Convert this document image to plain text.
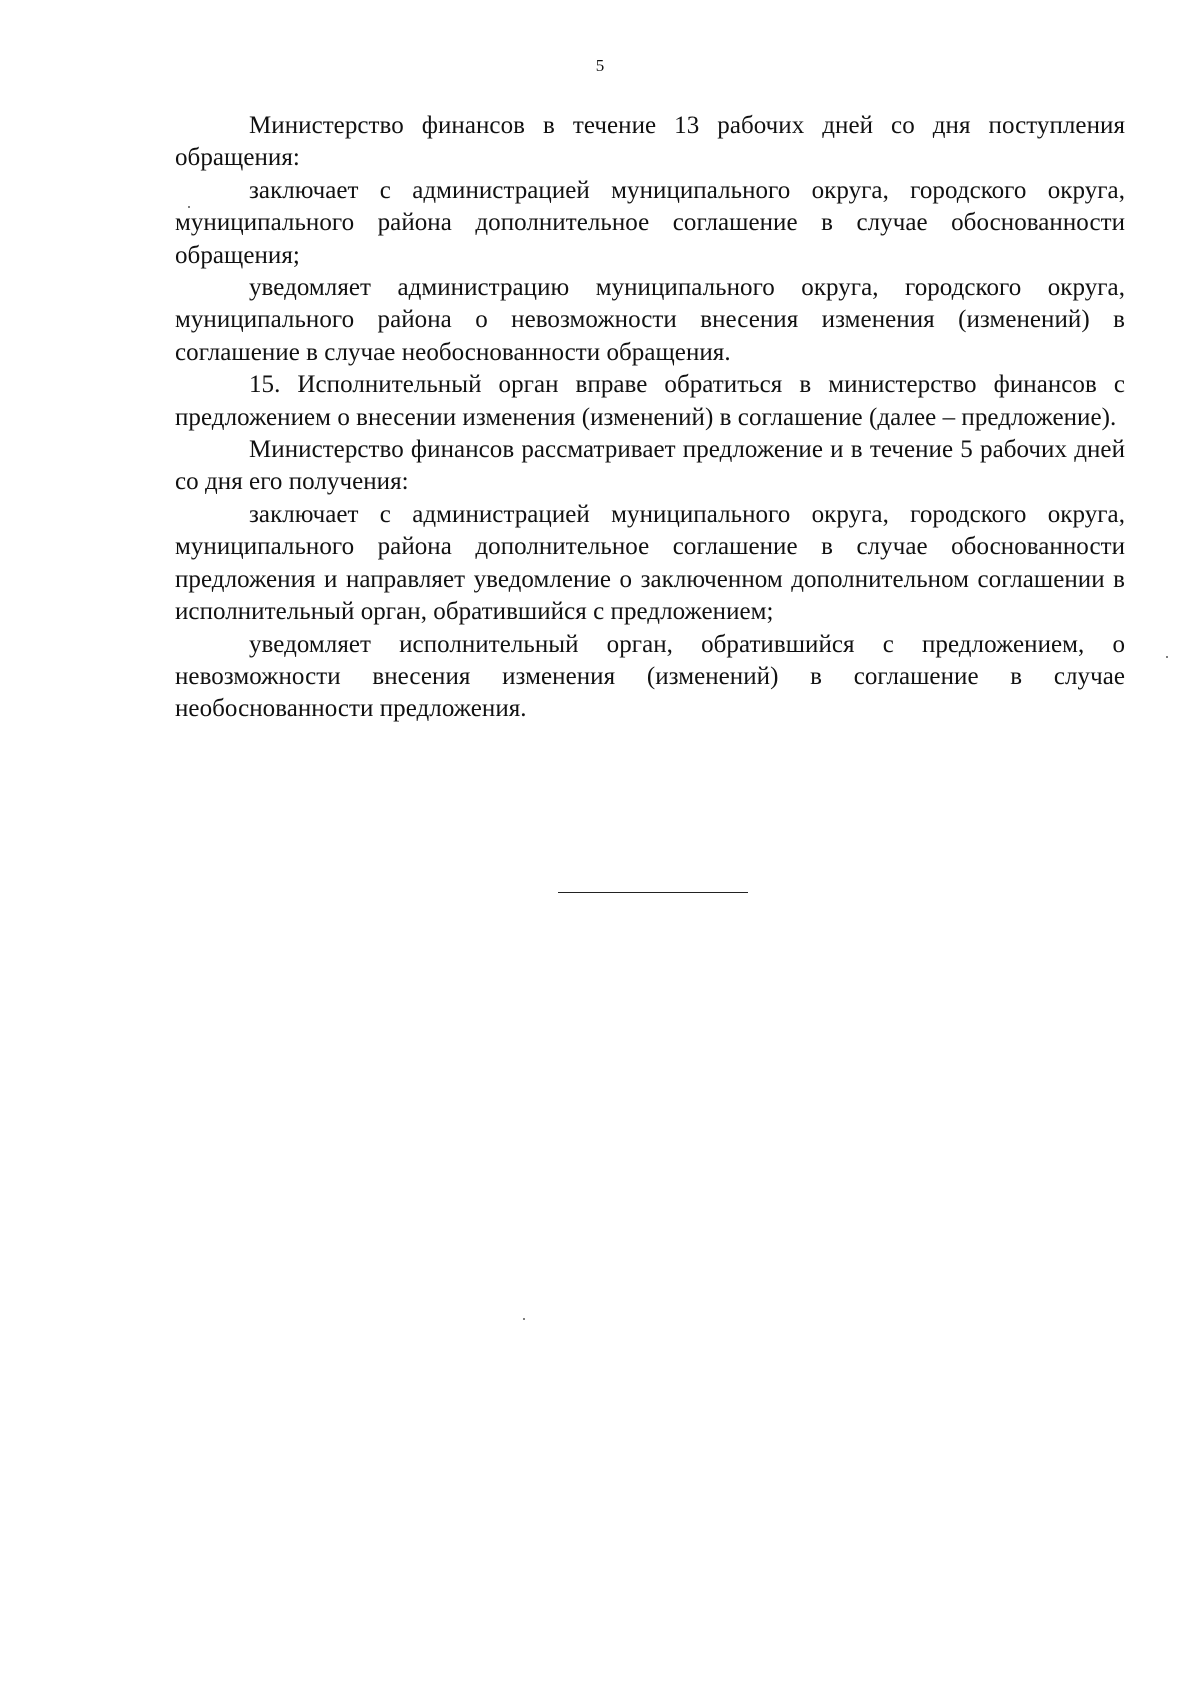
5

Министерство финансов в течение 13 рабочих дней со дня поступления обращения:

заключает с администрацией муниципального округа, городского округа, муниципального района дополнительное соглашение в случае обоснованности обращения;

уведомляет администрацию муниципального округа, городского округа, муниципального района о невозможности внесения изменения (изменений) в соглашение в случае необоснованности обращения.

15. Исполнительный орган вправе обратиться в министерство финансов с предложением о внесении изменения (изменений) в соглашение (далее – предложение).

Министерство финансов рассматривает предложение и в течение 5 рабочих дней со дня его получения:

заключает с администрацией муниципального округа, городского округа, муниципального района дополнительное соглашение в случае обоснованности предложения и направляет уведомление о заключенном дополнительном соглашении в исполнительный орган, обратившийся с предложением;

уведомляет исполнительный орган, обратившийся с предложением, о невозможности внесения изменения (изменений) в соглашение в случае необоснованности предложения.
